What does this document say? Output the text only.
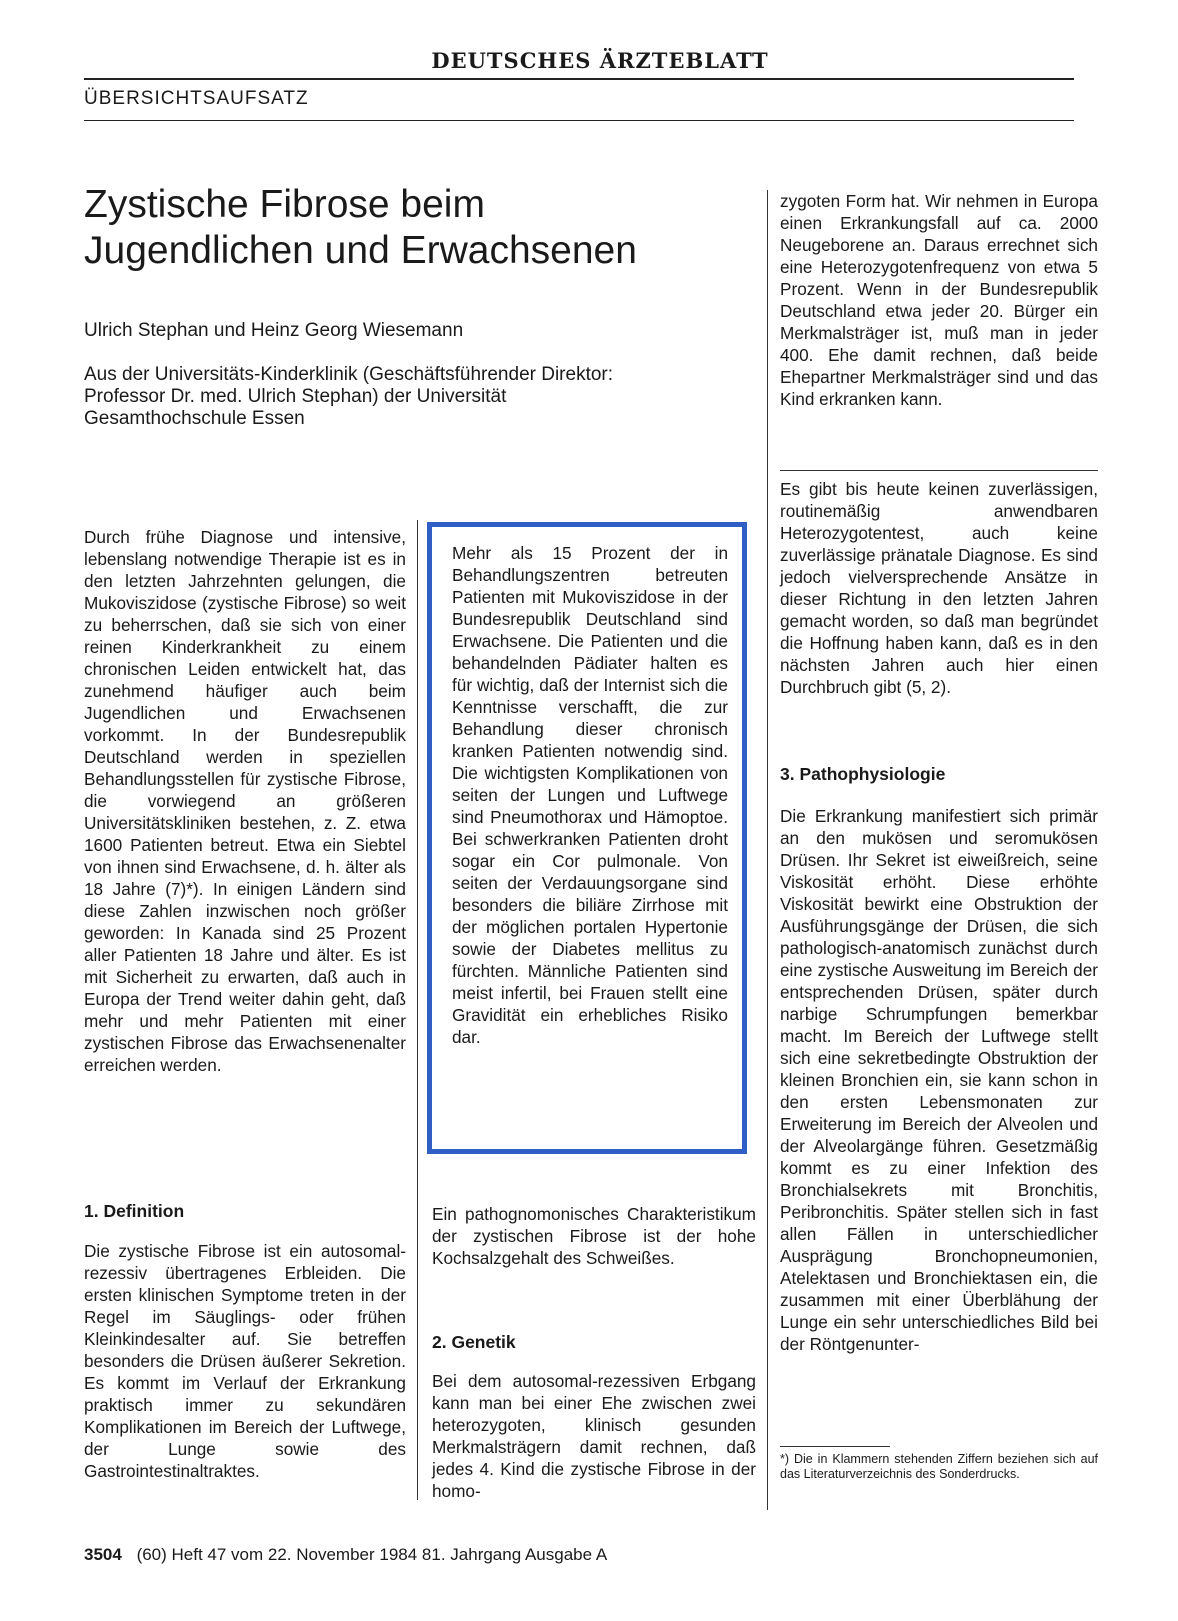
DEUTSCHES ÄRZTEBLATT
ÜBERSICHTSAUFSATZ
Zystische Fibrose beim Jugendlichen und Erwachsenen
Ulrich Stephan und Heinz Georg Wiesemann
Aus der Universitäts-Kinderklinik (Geschäftsführender Direktor: Professor Dr. med. Ulrich Stephan) der Universität Gesamthochschule Essen
Durch frühe Diagnose und intensive, lebenslang notwendige Therapie ist es in den letzten Jahrzehnten gelungen, die Mukoviszidose (zystische Fibrose) so weit zu beherrschen, daß sie sich von einer reinen Kinderkrankheit zu einem chronischen Leiden entwickelt hat, das zunehmend häufiger auch beim Jugendlichen und Erwachsenen vorkommt. In der Bundesrepublik Deutschland werden in speziellen Behandlungsstellen für zystische Fibrose, die vorwiegend an größeren Universitätskliniken bestehen, z. Z. etwa 1600 Patienten betreut. Etwa ein Siebtel von ihnen sind Erwachsene, d. h. älter als 18 Jahre (7)*). In einigen Ländern sind diese Zahlen inzwischen noch größer geworden: In Kanada sind 25 Prozent aller Patienten 18 Jahre und älter. Es ist mit Sicherheit zu erwarten, daß auch in Europa der Trend weiter dahin geht, daß mehr und mehr Patienten mit einer zystischen Fibrose das Erwachsenenalter erreichen werden.
1. Definition
Die zystische Fibrose ist ein autosomal-rezessiv übertragenes Erbleiden. Die ersten klinischen Symptome treten in der Regel im Säuglings- oder frühen Kleinkindesalter auf. Sie betreffen besonders die Drüsen äußerer Sekretion. Es kommt im Verlauf der Erkrankung praktisch immer zu sekundären Komplikationen im Bereich der Luftwege, der Lunge sowie des Gastrointestinaltraktes.
Mehr als 15 Prozent der in Behandlungszentren betreuten Patienten mit Mukoviszidose in der Bundesrepublik Deutschland sind Erwachsene. Die Patienten und die behandelnden Pädiater halten es für wichtig, daß der Internist sich die Kenntnisse verschafft, die zur Behandlung dieser chronisch kranken Patienten notwendig sind. Die wichtigsten Komplikationen von seiten der Lungen und Luftwege sind Pneumothorax und Hämoptoe. Bei schwerkranken Patienten droht sogar ein Cor pulmonale. Von seiten der Verdauungsorgane sind besonders die biliäre Zirrhose mit der möglichen portalen Hypertonie sowie der Diabetes mellitus zu fürchten. Männliche Patienten sind meist infertil, bei Frauen stellt eine Gravidität ein erhebliches Risiko dar.
Ein pathognomonisches Charakteristikum der zystischen Fibrose ist der hohe Kochsalzgehalt des Schweißes.
2. Genetik
Bei dem autosomal-rezessiven Erbgang kann man bei einer Ehe zwischen zwei heterozygoten, klinisch gesunden Merkmalsträgern damit rechnen, daß jedes 4. Kind die zystische Fibrose in der homo-
zygoten Form hat. Wir nehmen in Europa einen Erkrankungsfall auf ca. 2000 Neugeborene an. Daraus errechnet sich eine Heterozygotenfrequenz von etwa 5 Prozent. Wenn in der Bundesrepublik Deutschland etwa jeder 20. Bürger ein Merkmalsträger ist, muß man in jeder 400. Ehe damit rechnen, daß beide Ehepartner Merkmalsträger sind und das Kind erkranken kann.
Es gibt bis heute keinen zuverlässigen, routinemäßig anwendbaren Heterozygotentest, auch keine zuverlässige pränatale Diagnose. Es sind jedoch vielversprechende Ansätze in dieser Richtung in den letzten Jahren gemacht worden, so daß man begründet die Hoffnung haben kann, daß es in den nächsten Jahren auch hier einen Durchbruch gibt (5, 2).
3. Pathophysiologie
Die Erkrankung manifestiert sich primär an den mukösen und seromukösen Drüsen. Ihr Sekret ist eiweißreich, seine Viskosität erhöht. Diese erhöhte Viskosität bewirkt eine Obstruktion der Ausführungsgänge der Drüsen, die sich pathologisch-anatomisch zunächst durch eine zystische Ausweitung im Bereich der entsprechenden Drüsen, später durch narbige Schrumpfungen bemerkbar macht. Im Bereich der Luftwege stellt sich eine sekretbedingte Obstruktion der kleinen Bronchien ein, sie kann schon in den ersten Lebensmonaten zur Erweiterung im Bereich der Alveolen und der Alveolargänge führen. Gesetzmäßig kommt es zu einer Infektion des Bronchialsekrets mit Bronchitis, Peribronchitis. Später stellen sich in fast allen Fällen in unterschiedlicher Ausprägung Bronchopneumonien, Atelektasen und Bronchiektasen ein, die zusammen mit einer Überblähung der Lunge ein sehr unterschiedliches Bild bei der Röntgenunter-
*) Die in Klammern stehenden Ziffern beziehen sich auf das Literaturverzeichnis des Sonderdrucks.
3504 (60) Heft 47 vom 22. November 1984 81. Jahrgang Ausgabe A
